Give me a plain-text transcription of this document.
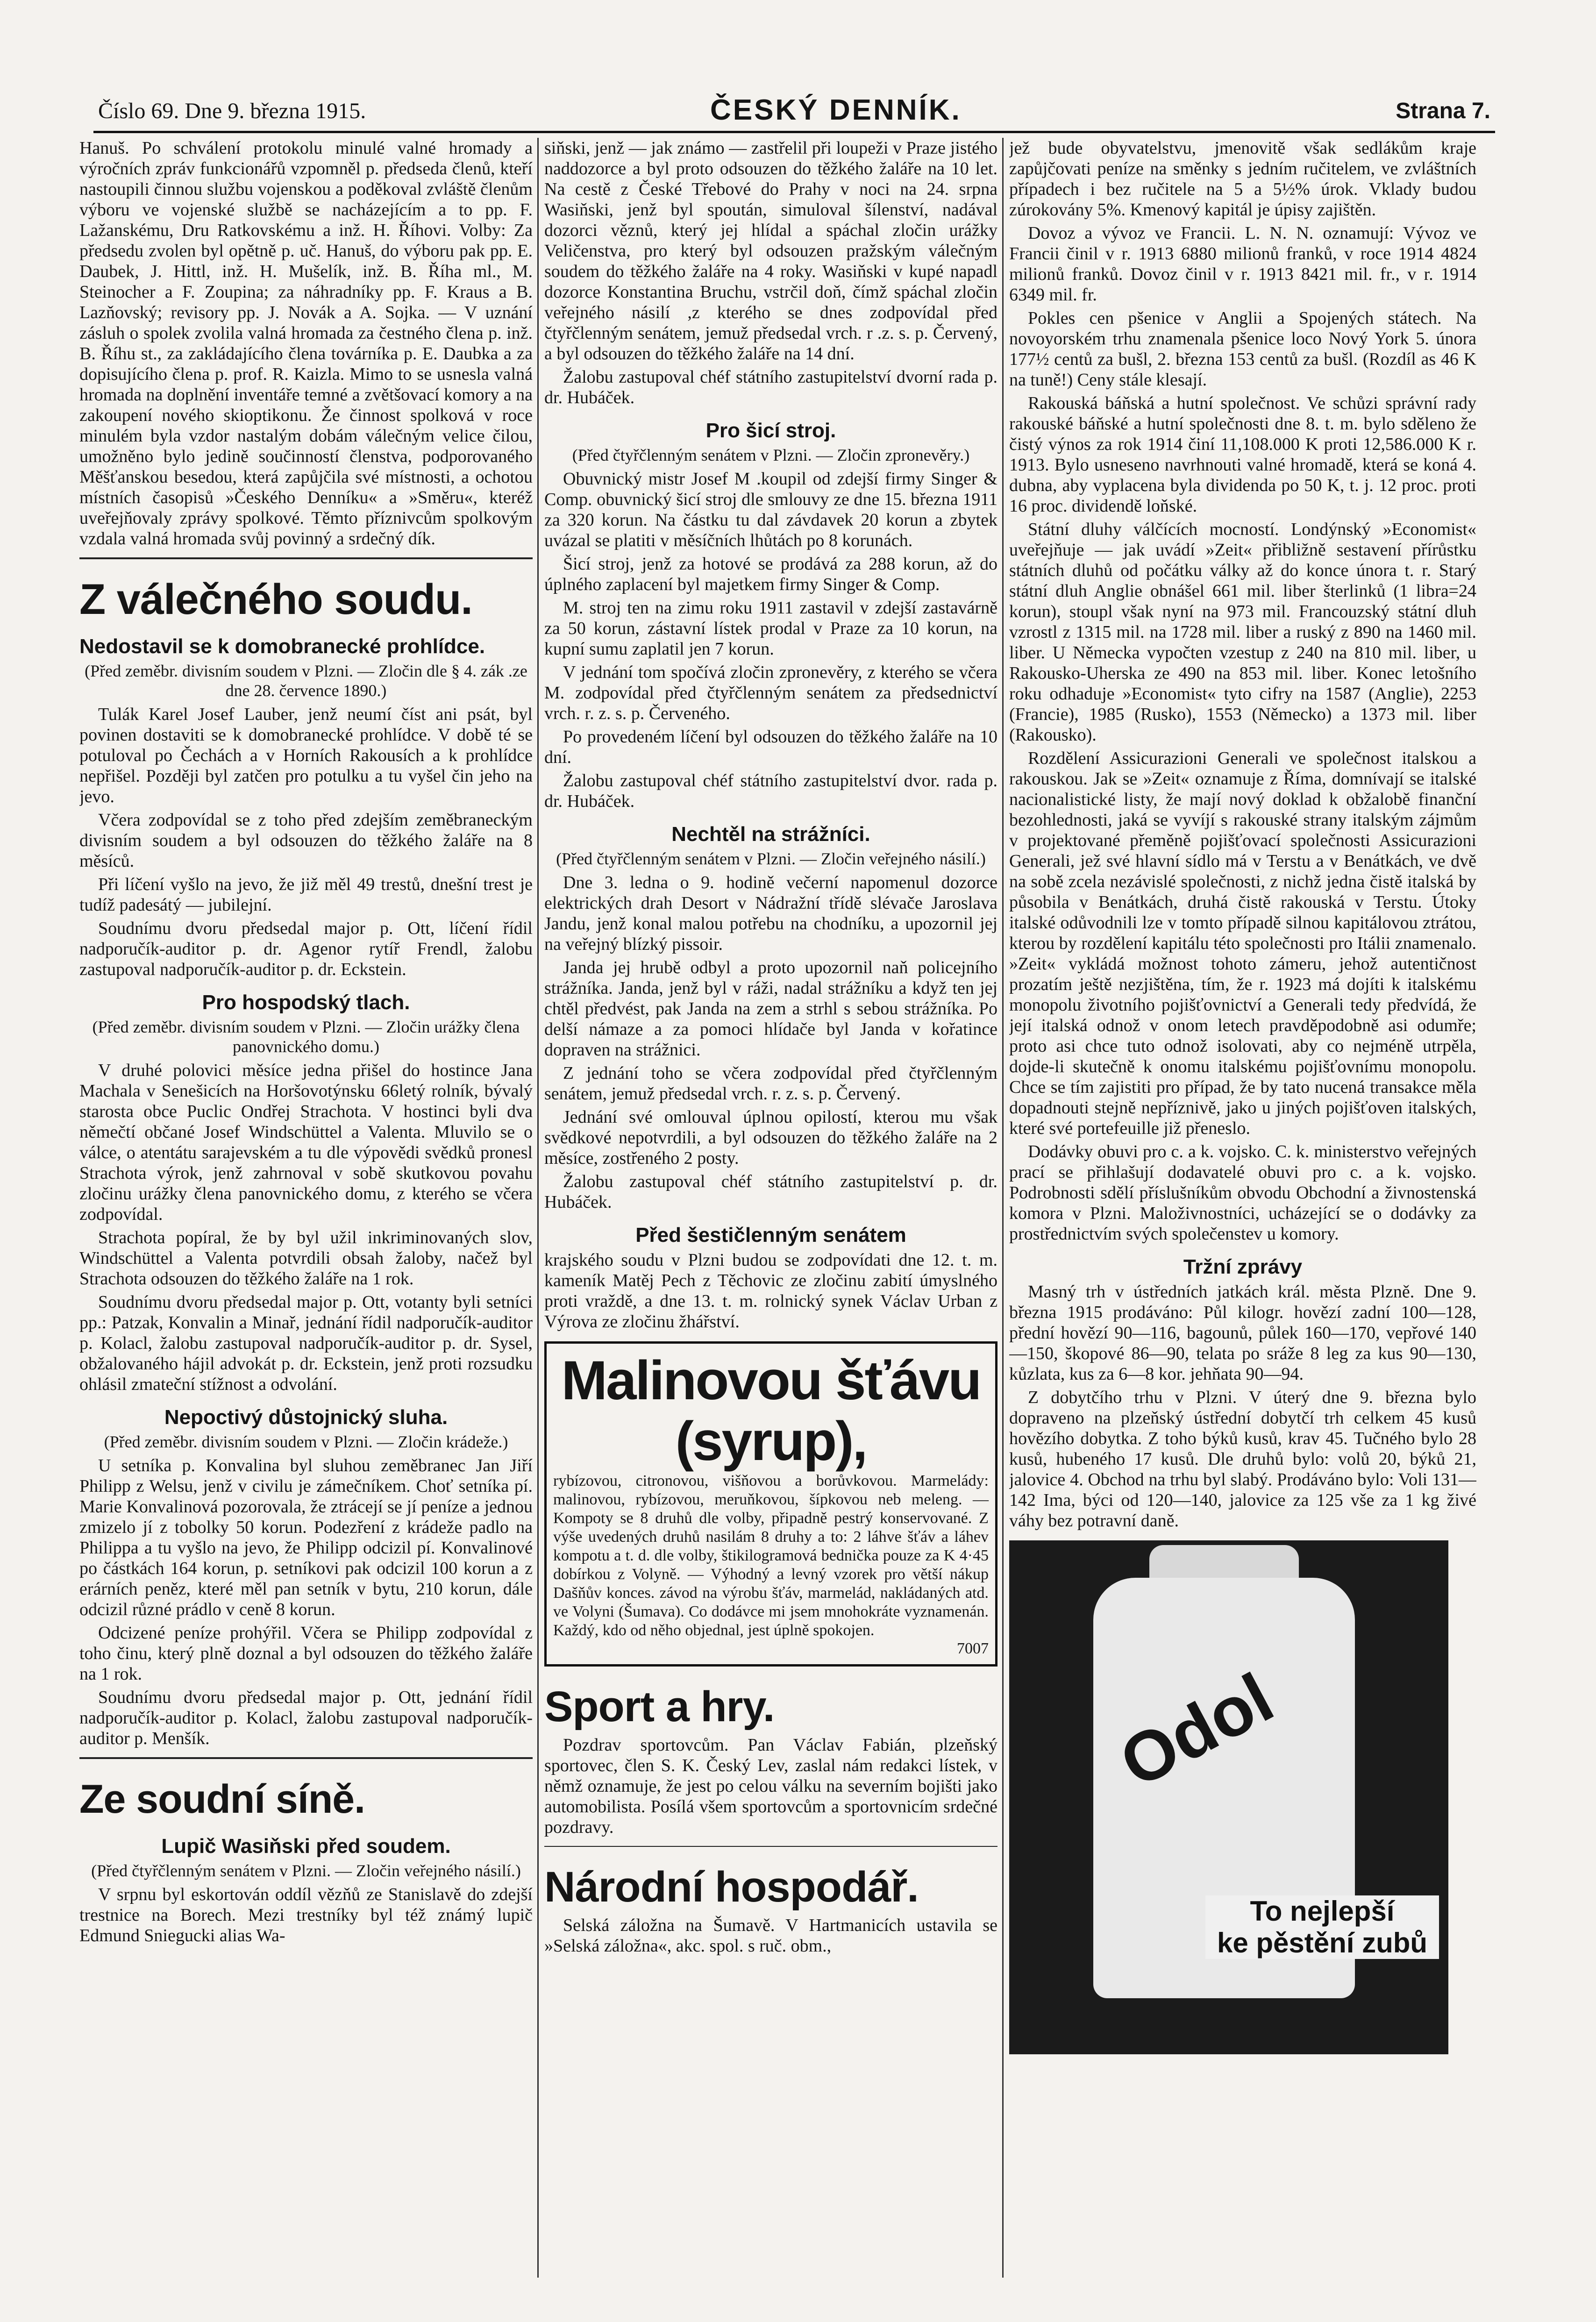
Číslo 69. Dne 9. března 1915.	ČESKÝ DENNÍK.	Strana 7.

Hanuš. Po schválení protokolu minulé valné hromady a výročních zpráv funkcionářů vzpomněl p. předseda členů, kteří nastoupili činnou službu vojenskou a poděkoval zvláště členům výboru ve vojenské službě se nacházejícím a to pp. F. Lažanskému, Dru Ratkovskému a inž. H. Říhovi. Volby: Za předsedu zvolen byl opětně p. uč. Hanuš, do výboru pak pp. E. Daubek, J. Hittl, inž. H. Mušelík, inž. B. Říha ml., M. Steinocher a F. Zoupina; za náhradníky pp. F. Kraus a B. Lazňovský; revisory pp. J. Novák a A. Sojka. — V uznání zásluh o spolek zvolila valná hromada za čestného člena p. inž. B. Říhu st., za zakládajícího člena továrníka p. E. Daubka a za dopisujícího člena p. prof. R. Kaizla. Mimo to se usnesla valná hromada na doplnění inventáře temné a zvětšovací komory a na zakoupení nového skioptikonu. Že činnost spolková v roce minulém byla vzdor nastalým dobám válečným velice čilou, umožněno bylo jedině součinností členstva, podporovaného Měšťanskou besedou, která zapůjčila své místnosti, a ochotou místních časopisů »Českého Denníku« a »Směru«, kteréž uveřejňovaly zprávy spolkové. Těmto příznivcům spolkovým vzdala valná hromada svůj povinný a srdečný dík.

Z válečného soudu.
Nedostavil se k domobranecké prohlídce.
(Před zeměbr. divisním soudem v Plzni. — Zločin dle § 4. zák .ze dne 28. července 1890.)

Tulák Karel Josef Lauber, jenž neumí číst ani psát, byl povinen dostaviti se k domobranecké prohlídce. V době té se potuloval po Čechách a v Horních Rakousích a k prohlídce nepřišel. Později byl zatčen pro potulku a tu vyšel čin jeho na jevo.

Včera zodpovídal se z toho před zdejším zeměbraneckým divisním soudem a byl odsouzen do těžkého žaláře na 8 měsíců.

Při líčení vyšlo na jevo, že již měl 49 trestů, dnešní trest je tudíž padesátý — jubilejní.

Soudnímu dvoru předsedal major p. Ott, líčení řídil nadporučík-auditor p. dr. Agenor rytíř Frendl, žalobu zastupoval nadporučík-auditor p. dr. Eckstein.

Pro hospodský tlach.
(Před zeměbr. divisním soudem v Plzni. — Zločin urážky člena panovnického domu.)

V druhé polovici měsíce jedna přišel do hostince Jana Machala v Senešicích na Horšovotýnsku 66letý rolník, bývalý starosta obce Puclic Ondřej Strachota. V hostinci byli dva němečtí občané Josef Windschüttel a Valenta. Mluvilo se o válce, o atentátu sarajevském a tu dle výpovědi svědků pronesl Strachota výrok, jenž zahrnoval v sobě skutkovou povahu zločinu urážky člena panovnického domu, z kterého se včera zodpovídal.

Strachota popíral, že by byl užil inkriminovaných slov, Windschüttel a Valenta potvrdili obsah žaloby, načež byl Strachota odsouzen do těžkého žaláře na 1 rok.

Soudnímu dvoru předsedal major p. Ott, votanty byli setníci pp.: Patzak, Konvalin a Minař, jednání řídil nadporučík-auditor p. Kolacl, žalobu zastupoval nadporučík-auditor p. dr. Sysel, obžalovaného hájil advokát p. dr. Eckstein, jenž proti rozsudku ohlásil zmateční stížnost a odvolání.

Nepoctivý důstojnický sluha.
(Před zeměbr. divisním soudem v Plzni. — Zločin krádeže.)

U setníka p. Konvalina byl sluhou zeměbranec Jan Jiří Philipp z Welsu, jenž v civilu je zámečníkem. Choť setníka pí. Marie Konvalinová pozorovala, že ztrácejí se jí peníze a jednou zmizelo jí z tobolky 50 korun. Podezření z krádeže padlo na Philippa a tu vyšlo na jevo, že Philipp odcizil pí. Konvalinové po částkách 164 korun, p. setníkovi pak odcizil 100 korun a z erárních peněz, které měl pan setník v bytu, 210 korun, dále odcizil různé prádlo v ceně 8 korun.

Odcizené peníze prohýřil. Včera se Philipp zodpovídal z toho činu, který plně doznal a byl odsouzen do těžkého žaláře na 1 rok.

Soudnímu dvoru předsedal major p. Ott, jednání řídil nadporučík-auditor p. Kolacl, žalobu zastupoval nadporučík-auditor p. Menšík.

Ze soudní síně.
Lupič Wasiňski před soudem.
(Před čtyřčlenným senátem v Plzni. — Zločin veřejného násilí.)

V srpnu byl eskortován oddíl vězňů ze Stanislavě do zdejší trestnice na Borech. Mezi trestníky byl též známý lupič Edmund Sniegucki alias Wa-

siňski, jenž — jak známo — zastřelil při loupeži v Praze jistého naddozorce a byl proto odsouzen do těžkého žaláře na 10 let. Na cestě z České Třebové do Prahy v noci na 24. srpna Wasiňski, jenž byl spoután, simuloval šílenství, nadával dozorci věznů, který jej hlídal a spáchal zločin urážky Veličenstva, pro který byl odsouzen pražským válečným soudem do těžkého žaláře na 4 roky. Wasiňski v kupé napadl dozorce Konstantina Bruchu, vstrčil doň, čímž spáchal zločin veřejného násilí ,z kterého se dnes zodpovídal před čtyřčlenným senátem, jemuž předsedal vrch. r .z. s. p. Červený, a byl odsouzen do těžkého žaláře na 14 dní.

Žalobu zastupoval chéf státního zastupitelství dvorní rada p. dr. Hubáček.

Pro šicí stroj.
(Před čtyřčlenným senátem v Plzni. — Zločin zpronevěry.)

Obuvnický mistr Josef M .koupil od zdejší firmy Singer & Comp. obuvnický šicí stroj dle smlouvy ze dne 15. března 1911 za 320 korun. Na částku tu dal závdavek 20 korun a zbytek uvázal se platiti v měsíčních lhůtách po 8 korunách.

Šicí stroj, jenž za hotové se prodává za 288 korun, až do úplného zaplacení byl majetkem firmy Singer & Comp.

M. stroj ten na zimu roku 1911 zastavil v zdejší zastavárně za 50 korun, zástavní lístek prodal v Praze za 10 korun, na kupní sumu zaplatil jen 7 korun.

V jednání tom spočívá zločin zpronevěry, z kterého se včera M. zodpovídal před čtyřčlenným senátem za předsednictví vrch. r. z. s. p. Červeného.

Po provedeném líčení byl odsouzen do těžkého žaláře na 10 dní.

Žalobu zastupoval chéf státního zastupitelství dvor. rada p. dr. Hubáček.

Nechtěl na strážníci.
(Před čtyřčlenným senátem v Plzni. — Zločin veřejného násilí.)

Dne 3. ledna o 9. hodině večerní napomenul dozorce elektrických drah Desort v Nádražní třídě slévače Jaroslava Jandu, jenž konal malou potřebu na chodníku, a upozornil jej na veřejný blízký pissoir.

Janda jej hrubě odbyl a proto upozornil naň policejního strážníka. Janda, jenž byl v ráži, nadal strážníku a když ten jej chtěl předvést, pak Janda na zem a strhl s sebou strážníka. Po delší námaze a za pomoci hlídače byl Janda v kořatince dopraven na strážnici.

Z jednání toho se včera zodpovídal před čtyřčlenným senátem, jemuž předsedal vrch. r. z. s. p. Červený.

Jednání své omlouval úplnou opilostí, kterou mu však svědkové nepotvrdili, a byl odsouzen do těžkého žaláře na 2 měsíce, zostřeného 2 posty.

Žalobu zastupoval chéf státního zastupitelství p. dr. Hubáček.

Před šestičlenným senátem

krajského soudu v Plzni budou se zodpovídati dne 12. t. m. kameník Matěj Pech z Těchovic ze zločinu zabití úmyslného proti vraždě, a dne 13. t. m. rolnický synek Václav Urban z Výrova ze zločinu žhářství.

Malinovou šťávu (syrup),
rybízovou, citronovou, višňovou a borůvkovou. Marmelády: malinovou, rybízovou, meruňkovou, šípkovou neb meleng. — Kompoty se 8 druhů dle volby, připadně pestrý konservované. Z výše uvedených druhů nasilám 8 druhy a to: 2 láhve šťáv a láhev kompotu a t. d. dle volby, štikilogramová bednička pouze za K 4·45 dobírkou z Volyně. — Výhodný a levný vzorek pro větší nákup Dašňův konces. závod na výrobu šťáv, marmelád, nakládaných atd. ve Volyni (Šumava). Co dodávce mi jsem mnohokráte vyznamenán. Každý, kdo od něho objednal, jest úplně spokojen.
7007
Sport a hry.

Pozdrav sportovcům. Pan Václav Fabián, plzeňský sportovec, člen S. K. Český Lev, zaslal nám redakci lístek, v němž oznamuje, že jest po celou válku na severním bojišti jako automobilista. Posílá všem sportovcům a sportovnicím srdečné pozdravy.

Národní hospodář.

Selská záložna na Šumavě. V Hartmanicích ustavila se »Selská záložna«, akc. spol. s ruč. obm.,

jež bude obyvatelstvu, jmenovitě však sedlákům kraje zapůjčovati peníze na směnky s jedním ručitelem, ve zvláštních případech i bez ručitele na 5 a 5½% úrok. Vklady budou zúrokovány 5%. Kmenový kapitál je úpisy zajištěn.

Dovoz a vývoz ve Francii. L. N. N. oznamují: Vývoz ve Francii činil v r. 1913 6880 milionů franků, v roce 1914 4824 milionů franků. Dovoz činil v r. 1913 8421 mil. fr., v r. 1914 6349 mil. fr.

Pokles cen pšenice v Anglii a Spojených státech. Na novoyorském trhu znamenala pšenice loco Nový York 5. února 177½ centů za bušl, 2. března 153 centů za bušl. (Rozdíl as 46 K na tuně!) Ceny stále klesají.

Rakouská báňská a hutní společnost. Ve schůzi správní rady rakouské báňské a hutní společnosti dne 8. t. m. bylo sděleno že čistý výnos za rok 1914 činí 11,108.000 K proti 12,586.000 K r. 1913. Bylo usneseno navrhnouti valné hromadě, která se koná 4. dubna, aby vyplacena byla dividenda po 50 K, t. j. 12 proc. proti 16 proc. dividendě loňské.

Státní dluhy válčících mocností. Londýnský »Economist« uveřejňuje — jak uvádí »Zeit« přibližně sestavení přírůstku státních dluhů od počátku války až do konce února t. r. Starý státní dluh Anglie obnášel 661 mil. liber šterlinků (1 libra=24 korun), stoupl však nyní na 973 mil. Francouzský státní dluh vzrostl z 1315 mil. na 1728 mil. liber a ruský z 890 na 1460 mil. liber. U Německa vypočten vzestup z 240 na 810 mil. liber, u Rakousko-Uherska ze 490 na 853 mil. liber. Konec letošního roku odhaduje »Economist« tyto cifry na 1587 (Anglie), 2253 (Francie), 1985 (Rusko), 1553 (Německo) a 1373 mil. liber (Rakousko).

Rozdělení Assicurazioni Generali ve společnost italskou a rakouskou. Jak se »Zeit« oznamuje z Říma, domnívají se italské nacionalistické listy, že mají nový doklad k obžalobě finanční bezohlednosti, jaká se vyvíjí s rakouské strany italským zájmům v projektované přeměně pojišťovací společnosti Assicurazioni Generali, jež své hlavní sídlo má v Terstu a v Benátkách, ve dvě na sobě zcela nezávislé společnosti, z nichž jedna čistě italská by působila v Benátkách, druhá čistě rakouská v Terstu. Útoky italské odůvodnili lze v tomto případě silnou kapitálovou ztrátou, kterou by rozdělení kapitálu této společnosti pro Itálii znamenalo. »Zeit« vykládá možnost tohoto zámeru, jehož autentičnost prozatím ještě nezjištěna, tím, že r. 1923 má dojíti k italskému monopolu životního pojišťovnictví a Generali tedy předvídá, že její italská odnož v onom letech pravděpodobně asi odumře; proto asi chce tuto odnož isolovati, aby co nejméně utrpěla, dojde-li skutečně k onomu italskému pojišťovnímu monopolu. Chce se tím zajistiti pro případ, že by tato nucená transakce měla dopadnouti stejně nepříznivě, jako u jiných pojišťoven italských, které své portefeuille již přeneslo.

Dodávky obuvi pro c. a k. vojsko. C. k. ministerstvo veřejných prací se přihlašují dodavatelé obuvi pro c. a k. vojsko. Podrobnosti sdělí příslušníkům obvodu Obchodní a živnostenská komora v Plzni. Maloživnostníci, ucházející se o dodávky za prostřednictvím svých společenstev u komory.

Tržní zprávy

Masný trh v ústředních jatkách král. města Plzně. Dne 9. března 1915 prodáváno: Půl kilogr. hovězí zadní 100—128, přední hovězí 90—116, bagounů, půlek 160—170, vepřové 140—150, škopové 86—90, telata po sráže 8 leg za kus 90—130, kůzlata, kus za 6—8 kor. jehňata 90—94.

Z dobytčího trhu v Plzni. V úterý dne 9. března bylo dopraveno na plzeňský ústřední dobytčí trh celkem 45 kusů hovězího dobytka. Z toho býků kusů, krav 45. Tučného bylo 28 kusů, hubeného 17 kusů. Dle druhů bylo: volů 20, býků 21, jalovice 4. Obchod na trhu byl slabý. Prodáváno bylo: Voli 131—142 Ima, býci od 120—140, jalovice za 125 vše za 1 kg živé váhy bez potravní daně.

Odol
To nejlepší
ke pěstění zubů
